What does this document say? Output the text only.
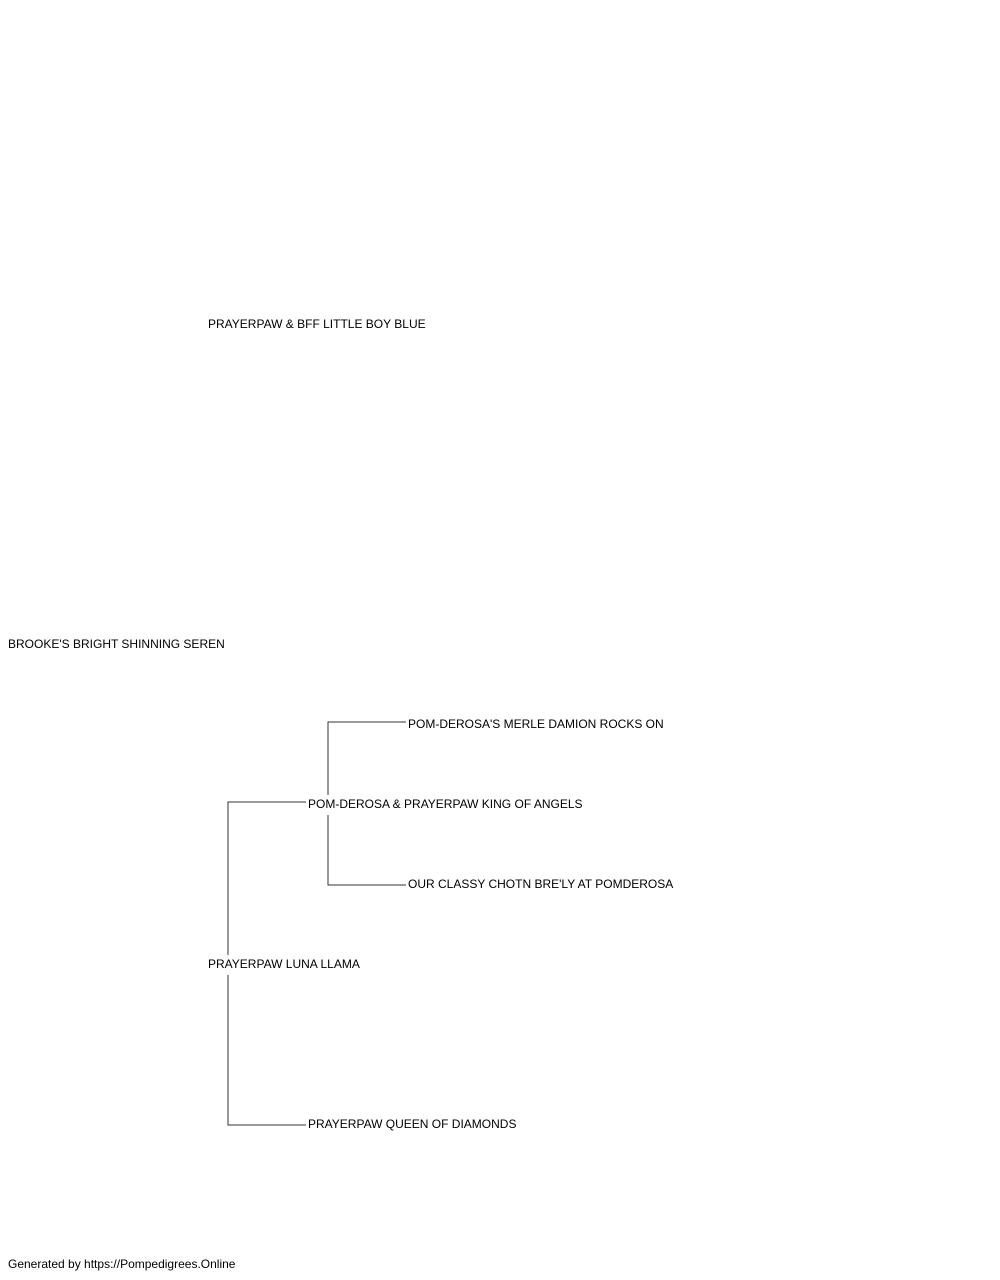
PRAYERPAW & BFF LITTLE BOY BLUE
BROOKE'S BRIGHT SHINNING SEREN
POM-DEROSA'S MERLE DAMION ROCKS ON
POM-DEROSA & PRAYERPAW KING OF ANGELS
OUR CLASSY CHOTN BRE'LY AT POMDEROSA
PRAYERPAW LUNA LLAMA
PRAYERPAW QUEEN OF DIAMONDS
Generated by https://Pompedigrees.Online
